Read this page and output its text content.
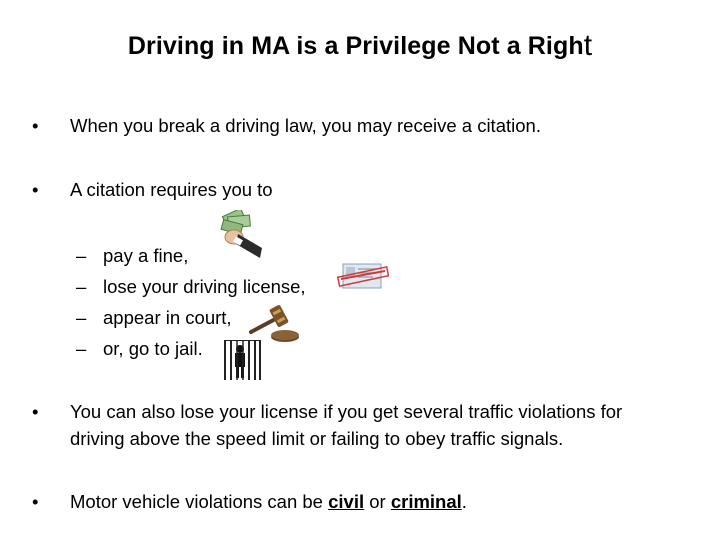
Driving in MA is a Privilege Not a Right
•	When you break a driving law, you may receive a citation.
•	A citation requires you to
– pay a fine,
– lose your driving license,
– appear in court,
– or, go to jail.
•	You can also lose your license if you get several traffic violations for
driving above the speed limit or failing to obey traffic signals.
•	Motor vehicle violations can be civil or criminal.
